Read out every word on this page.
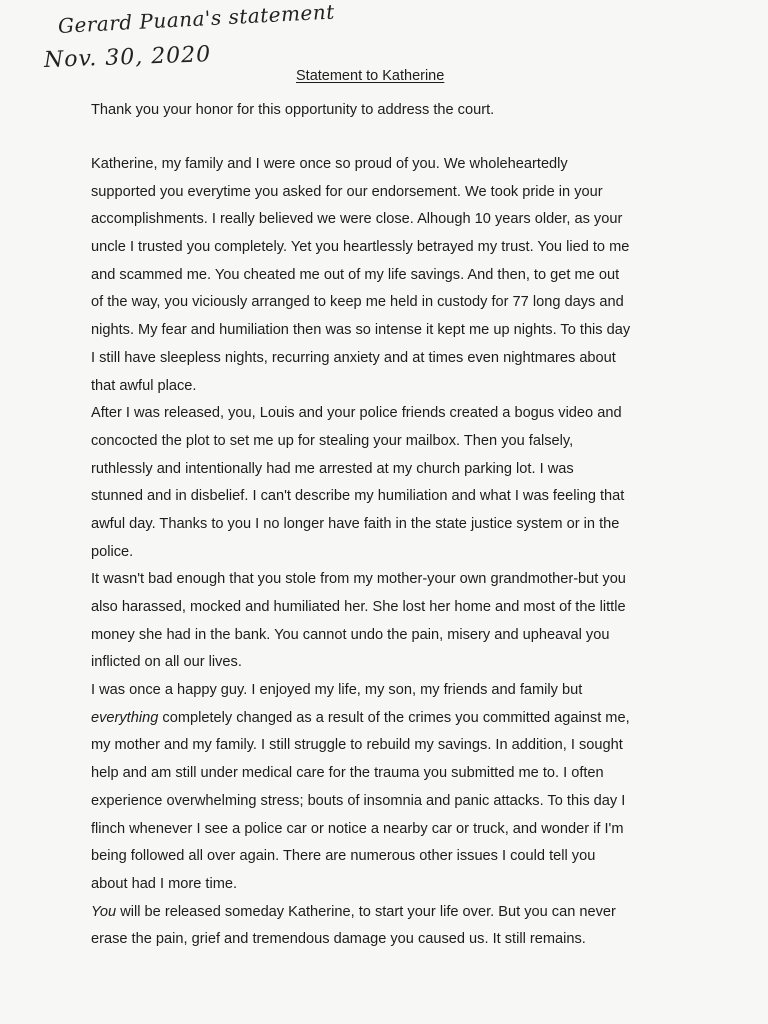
Gerard Puana's statement
Nov. 30, 2020
Statement to Katherine
Thank you your honor for this opportunity to address the court.
Katherine, my family and I were once so proud of you. We wholeheartedly
supported you everytime you asked for our endorsement. We took pride in your
accomplishments. I really believed we were close. Alhough 10 years older, as your
uncle I trusted you completely. Yet you heartlessly betrayed my trust. You lied to me
and scammed me. You cheated me out of my life savings. And then, to get me out
of the way, you viciously arranged to keep me held in custody for 77 long days and
nights. My fear and humiliation then was so intense it kept me up nights. To this day
I still have sleepless nights, recurring anxiety and at times even nightmares about
that awful place.
After I was released, you, Louis and your police friends created a bogus video and
concocted the plot to set me up for stealing your mailbox. Then you falsely,
ruthlessly and intentionally had me arrested at my church parking lot. I was
stunned and in disbelief. I can't describe my humiliation and what I was feeling that
awful day. Thanks to you I no longer have faith in the state justice system or in the
police.
It wasn't bad enough that you stole from my mother-your own grandmother-but you
also harassed, mocked and humiliated her. She lost her home and most of the little
money she had in the bank. You cannot undo the pain, misery and upheaval you
inflicted on all our lives.
I was once a happy guy. I enjoyed my life, my son, my friends and family but
everything completely changed as a result of the crimes you committed against me,
my mother and my family. I still struggle to rebuild my savings. In addition, I sought
help and am still under medical care for the trauma you submitted me to. I often
experience overwhelming stress; bouts of insomnia and panic attacks. To this day I
flinch whenever I see a police car or notice a nearby car or truck, and wonder if I'm
being followed all over again. There are numerous other issues I could tell you
about had I more time.
You will be released someday Katherine, to start your life over. But you can never
erase the pain, grief and tremendous damage you caused us. It still remains.
